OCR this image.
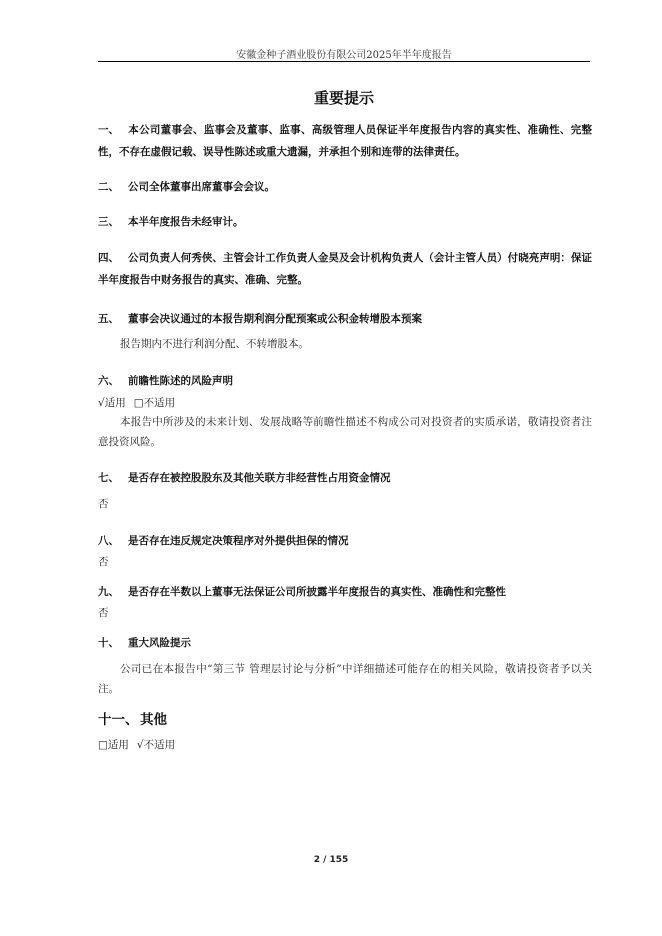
安徽金种子酒业股份有限公司2025年半年度报告
重要提示

一、 本公司董事会、监事会及董事、监事、高级管理人员保证半年度报告内容的真实性、准确性、完整性，不存在虚假记载、误导性陈述或重大遗漏，并承担个别和连带的法律责任。

二、 公司全体董事出席董事会会议。

三、 本半年度报告未经审计。

四、 公司负责人何秀侠、主管会计工作负责人金昊及会计机构负责人（会计主管人员）付晓亮声明：保证半年度报告中财务报告的真实、准确、完整。

五、 董事会决议通过的本报告期利润分配预案或公积金转增股本预案

报告期内不进行利润分配、不转增股本。

六、 前瞻性陈述的风险声明

√适用 □不适用

本报告中所涉及的未来计划、发展战略等前瞻性描述不构成公司对投资者的实质承诺，敬请投资者注意投资风险。

七、 是否存在被控股股东及其他关联方非经营性占用资金情况

否

八、 是否存在违反规定决策程序对外提供担保的情况

否

九、 是否存在半数以上董事无法保证公司所披露半年度报告的真实性、准确性和完整性

否

十、 重大风险提示

公司已在本报告中“第三节 管理层讨论与分析”中详细描述可能存在的相关风险，敬请投资者予以关注。

十一、 其他

□适用 √不适用

2 / 155
